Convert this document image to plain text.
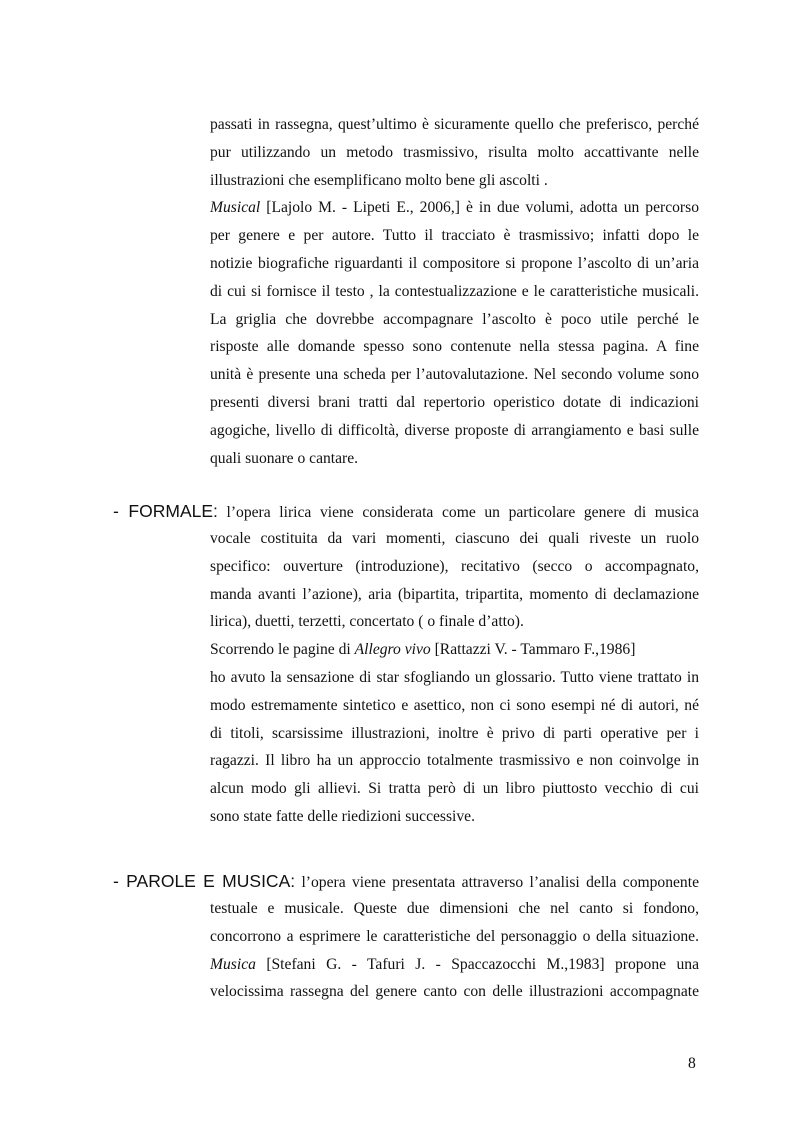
passati in rassegna, quest’ultimo è sicuramente quello che preferisco, perché
pur utilizzando un metodo trasmissivo, risulta molto accattivante nelle
illustrazioni che esemplificano molto bene gli ascolti .
Musical [Lajolo M. - Lipeti E., 2006,] è in due volumi, adotta un percorso
per genere e per autore. Tutto il tracciato è trasmissivo; infatti dopo le
notizie biografiche riguardanti il compositore si propone l’ascolto di un’aria
di cui si fornisce il testo , la contestualizzazione e le caratteristiche musicali.
La griglia che dovrebbe accompagnare l’ascolto è poco utile perché le
risposte alle domande spesso sono contenute nella stessa pagina. A fine
unità è presente una scheda per l’autovalutazione. Nel secondo volume sono
presenti diversi brani tratti dal repertorio operistico dotate di indicazioni
agogiche, livello di difficoltà, diverse proposte di arrangiamento e basi sulle
quali suonare o cantare.
- FORMALE: l’opera lirica viene considerata come un particolare genere di musica
vocale costituita da vari momenti, ciascuno dei quali riveste un ruolo
specifico: ouverture (introduzione), recitativo (secco o accompagnato,
manda avanti l’azione), aria (bipartita, tripartita, momento di declamazione
lirica), duetti, terzetti, concertato ( o finale d’atto).
Scorrendo le pagine di Allegro vivo [Rattazzi V. - Tammaro F.,1986]
ho avuto la sensazione di star sfogliando un glossario. Tutto viene trattato in
modo estremamente sintetico e asettico, non ci sono esempi né di autori, né
di titoli, scarsissime illustrazioni, inoltre è privo di parti operative per i
ragazzi. Il libro ha un approccio totalmente trasmissivo e non coinvolge in
alcun modo gli allievi. Si tratta però di un libro piuttosto vecchio di cui
sono state fatte delle riedizioni successive.
- PAROLE E MUSICA: l’opera viene presentata attraverso l’analisi della componente
testuale e musicale. Queste due dimensioni che nel canto si fondono,
concorrono a esprimere le caratteristiche del personaggio o della situazione.
Musica [Stefani G. - Tafuri J. - Spaccazocchi M.,1983] propone una
velocissima rassegna del genere canto con delle illustrazioni accompagnate
8
